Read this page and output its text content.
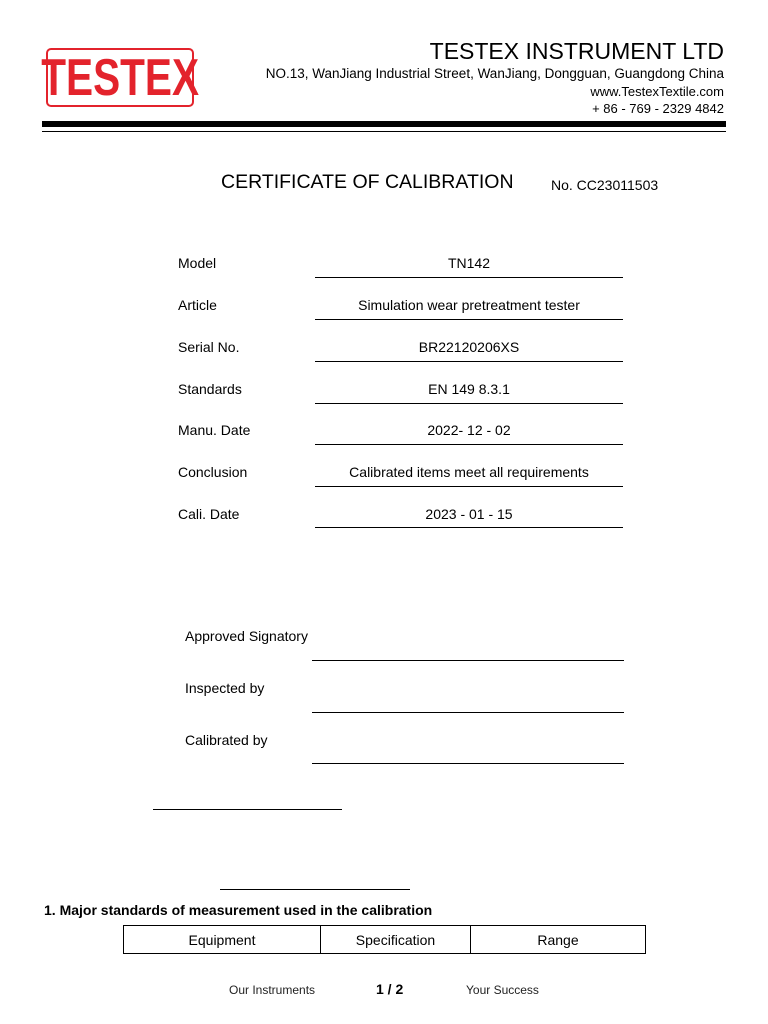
TESTEX	TESTEX INSTRUMENT LTD
NO.13, WanJiang Industrial Street, WanJiang, Dongguan, Guangdong China
www.TestexTextile.com
+ 86 - 769 - 2329 4842
CERTIFICATE OF CALIBRATION	No. CC23011503
Model	TN142
Article	Simulation wear pretreatment tester
Serial No.	BR22120206XS
Standards	EN 149 8.3.1
Manu. Date	2022- 12 - 02
Conclusion	Calibrated items meet all requirements
Cali. Date	2023 - 01 - 15
Approved Signatory
Inspected by
Calibrated by
1. Major standards of measurement used in the calibration
Equipment	Specification	Range
Our Instruments	1 / 2	Your Success
